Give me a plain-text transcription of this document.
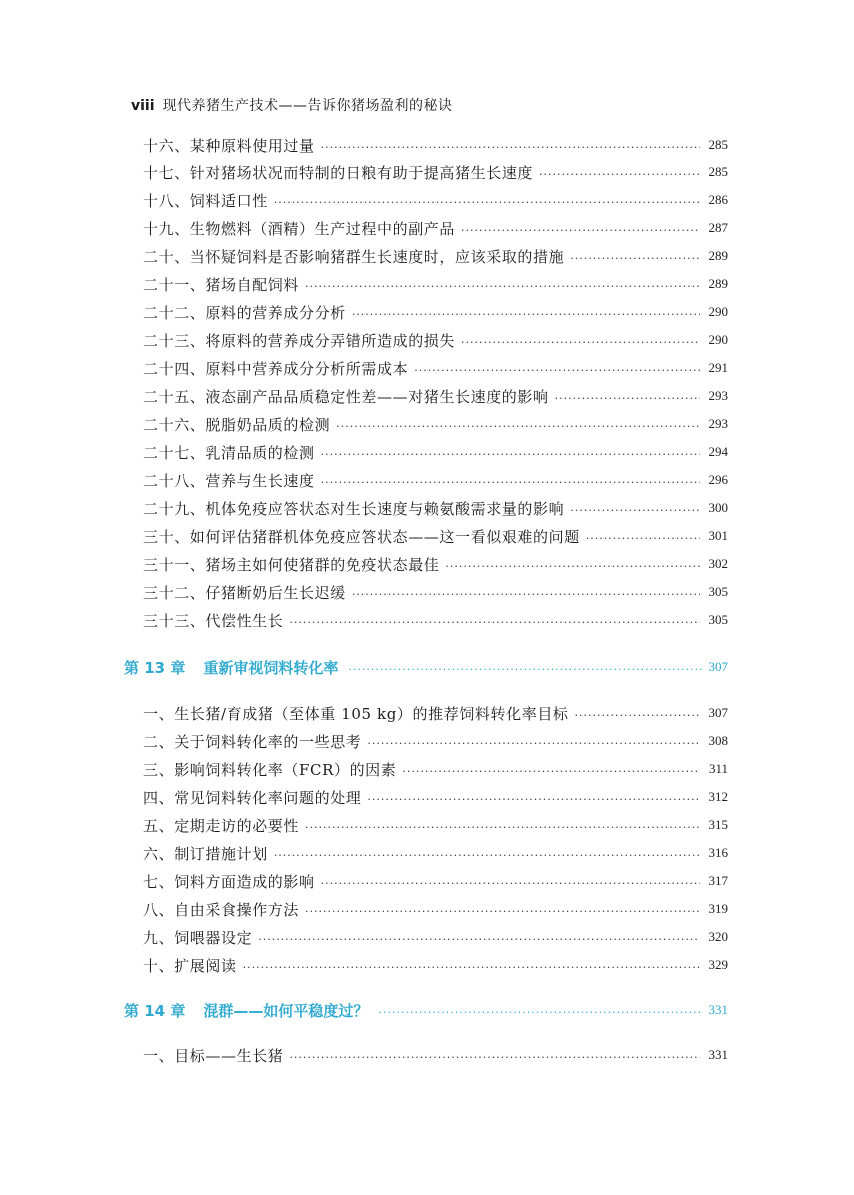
viii 现代养猪生产技术——告诉你猪场盈利的秘诀
十六、某种原料使用过量 ·····	285
十七、针对猪场状况而特制的日粮有助于提高猪生长速度 ·····	285
十八、饲料适口性 ·····	286
十九、生物燃料（酒精）生产过程中的副产品 ·····	287
二十、当怀疑饲料是否影响猪群生长速度时，应该采取的措施 ·····	289
二十一、猪场自配饲料 ·····	289
二十二、原料的营养成分分析 ·····	290
二十三、将原料的营养成分弄错所造成的损失 ·····	290
二十四、原料中营养成分分析所需成本 ·····	291
二十五、液态副产品品质稳定性差——对猪生长速度的影响 ·····	293
二十六、脱脂奶品质的检测 ·····	293
二十七、乳清品质的检测 ·····	294
二十八、营养与生长速度 ·····	296
二十九、机体免疫应答状态对生长速度与赖氨酸需求量的影响 ·····	300
三十、如何评估猪群机体免疫应答状态——这一看似艰难的问题 ·····	301
三十一、猪场主如何使猪群的免疫状态最佳 ·····	302
三十二、仔猪断奶后生长迟缓 ·····	305
三十三、代偿性生长 ·····	305
第 13 章 重新审视饲料转化率 ·····	307
一、生长猪/育成猪（至体重 105 kg）的推荐饲料转化率目标 ·····	307
二、关于饲料转化率的一些思考 ·····	308
三、影响饲料转化率（FCR）的因素 ·····	311
四、常见饲料转化率问题的处理 ·····	312
五、定期走访的必要性 ·····	315
六、制订措施计划 ·····	316
七、饲料方面造成的影响 ·····	317
八、自由采食操作方法 ·····	319
九、饲喂器设定 ·····	320
十、扩展阅读 ·····	329
第 14 章 混群——如何平稳度过？ ·····	331
一、目标——生长猪 ·····	331
